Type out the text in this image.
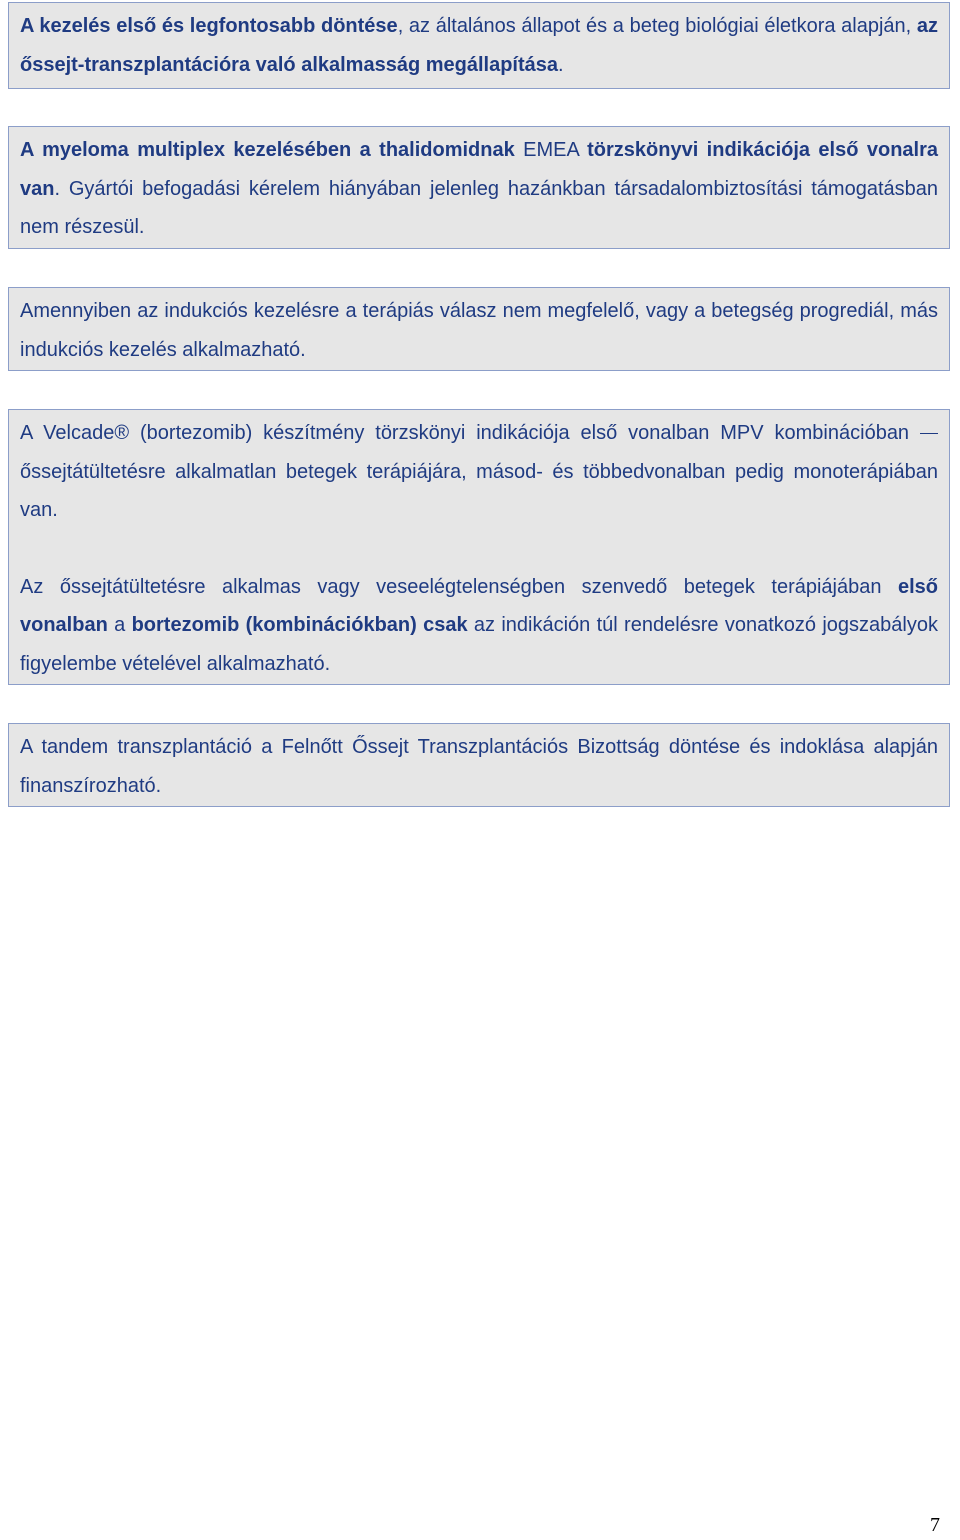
A kezelés első és legfontosabb döntése, az általános állapot és a beteg biológiai életkora alapján, az őssejt-transzplantációra való alkalmasság megállapítása.
A myeloma multiplex kezelésében a thalidomidnak EMEA törzskönyvi indikációja első vonalra van. Gyártói befogadási kérelem hiányában jelenleg hazánkban társadalombiztosítási támogatásban nem részesül.
Amennyiben az indukciós kezelésre a terápiás válasz nem megfelelő, vagy a betegség progrediál, más indukciós kezelés alkalmazható.
A Velcade® (bortezomib) készítmény törzskönyi indikációja első vonalban MPV kombinációban  őssejtátültetésre alkalmatlan betegek terápiájára, másod- és többedvonalban pedig monoterápiában van.
Az őssejtátültetésre alkalmas vagy veseelégtelenségben szenvedő betegek terápiájában első vonalban a bortezomib (kombinációkban) csak az indikáción túl rendelésre vonatkozó jogszabályok figyelembe vételével alkalmazható.
A tandem transzplantáció a Felnőtt Őssejt Transzplantációs Bizottság döntése és indoklása alapján finanszírozható.
7
